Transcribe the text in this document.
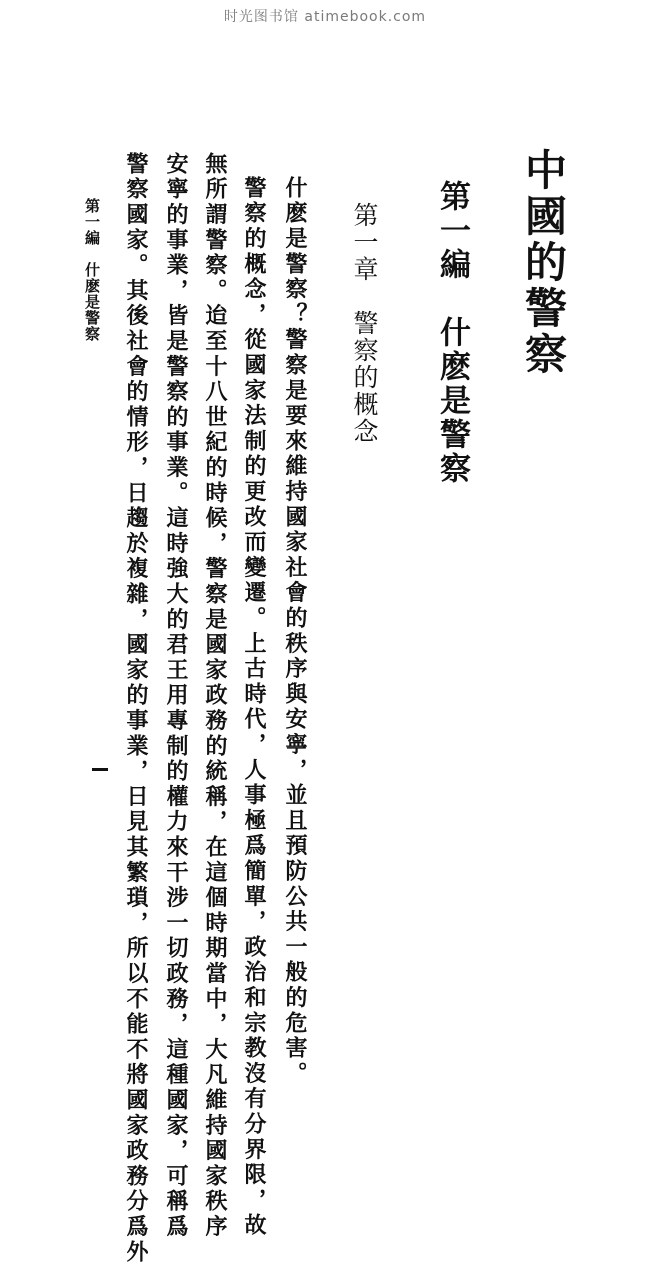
时光图书馆 atimebook.com
中國的警察
第一編　什麽是警察
第一章　警察的概念
什麽是警察？警察是要來維持國家社會的秩序與安寧，並且預防公共一般的危害。
警察的概念，從國家法制的更改而變遷。上古時代，人事極爲簡單，政治和宗教沒有分界限，故
無所謂警察。迨至十八世紀的時候，警察是國家政務的統稱，在這個時期當中，大凡維持國家秩序
安寧的事業，皆是警察的事業。這時強大的君王用專制的權力來干涉一切政務，這種國家，可稱爲
警察國家。其後社會的情形，日趨於複雜，國家的事業，日見其繁瑣，所以不能不將國家政務分爲外
第一編　什麽是警察
